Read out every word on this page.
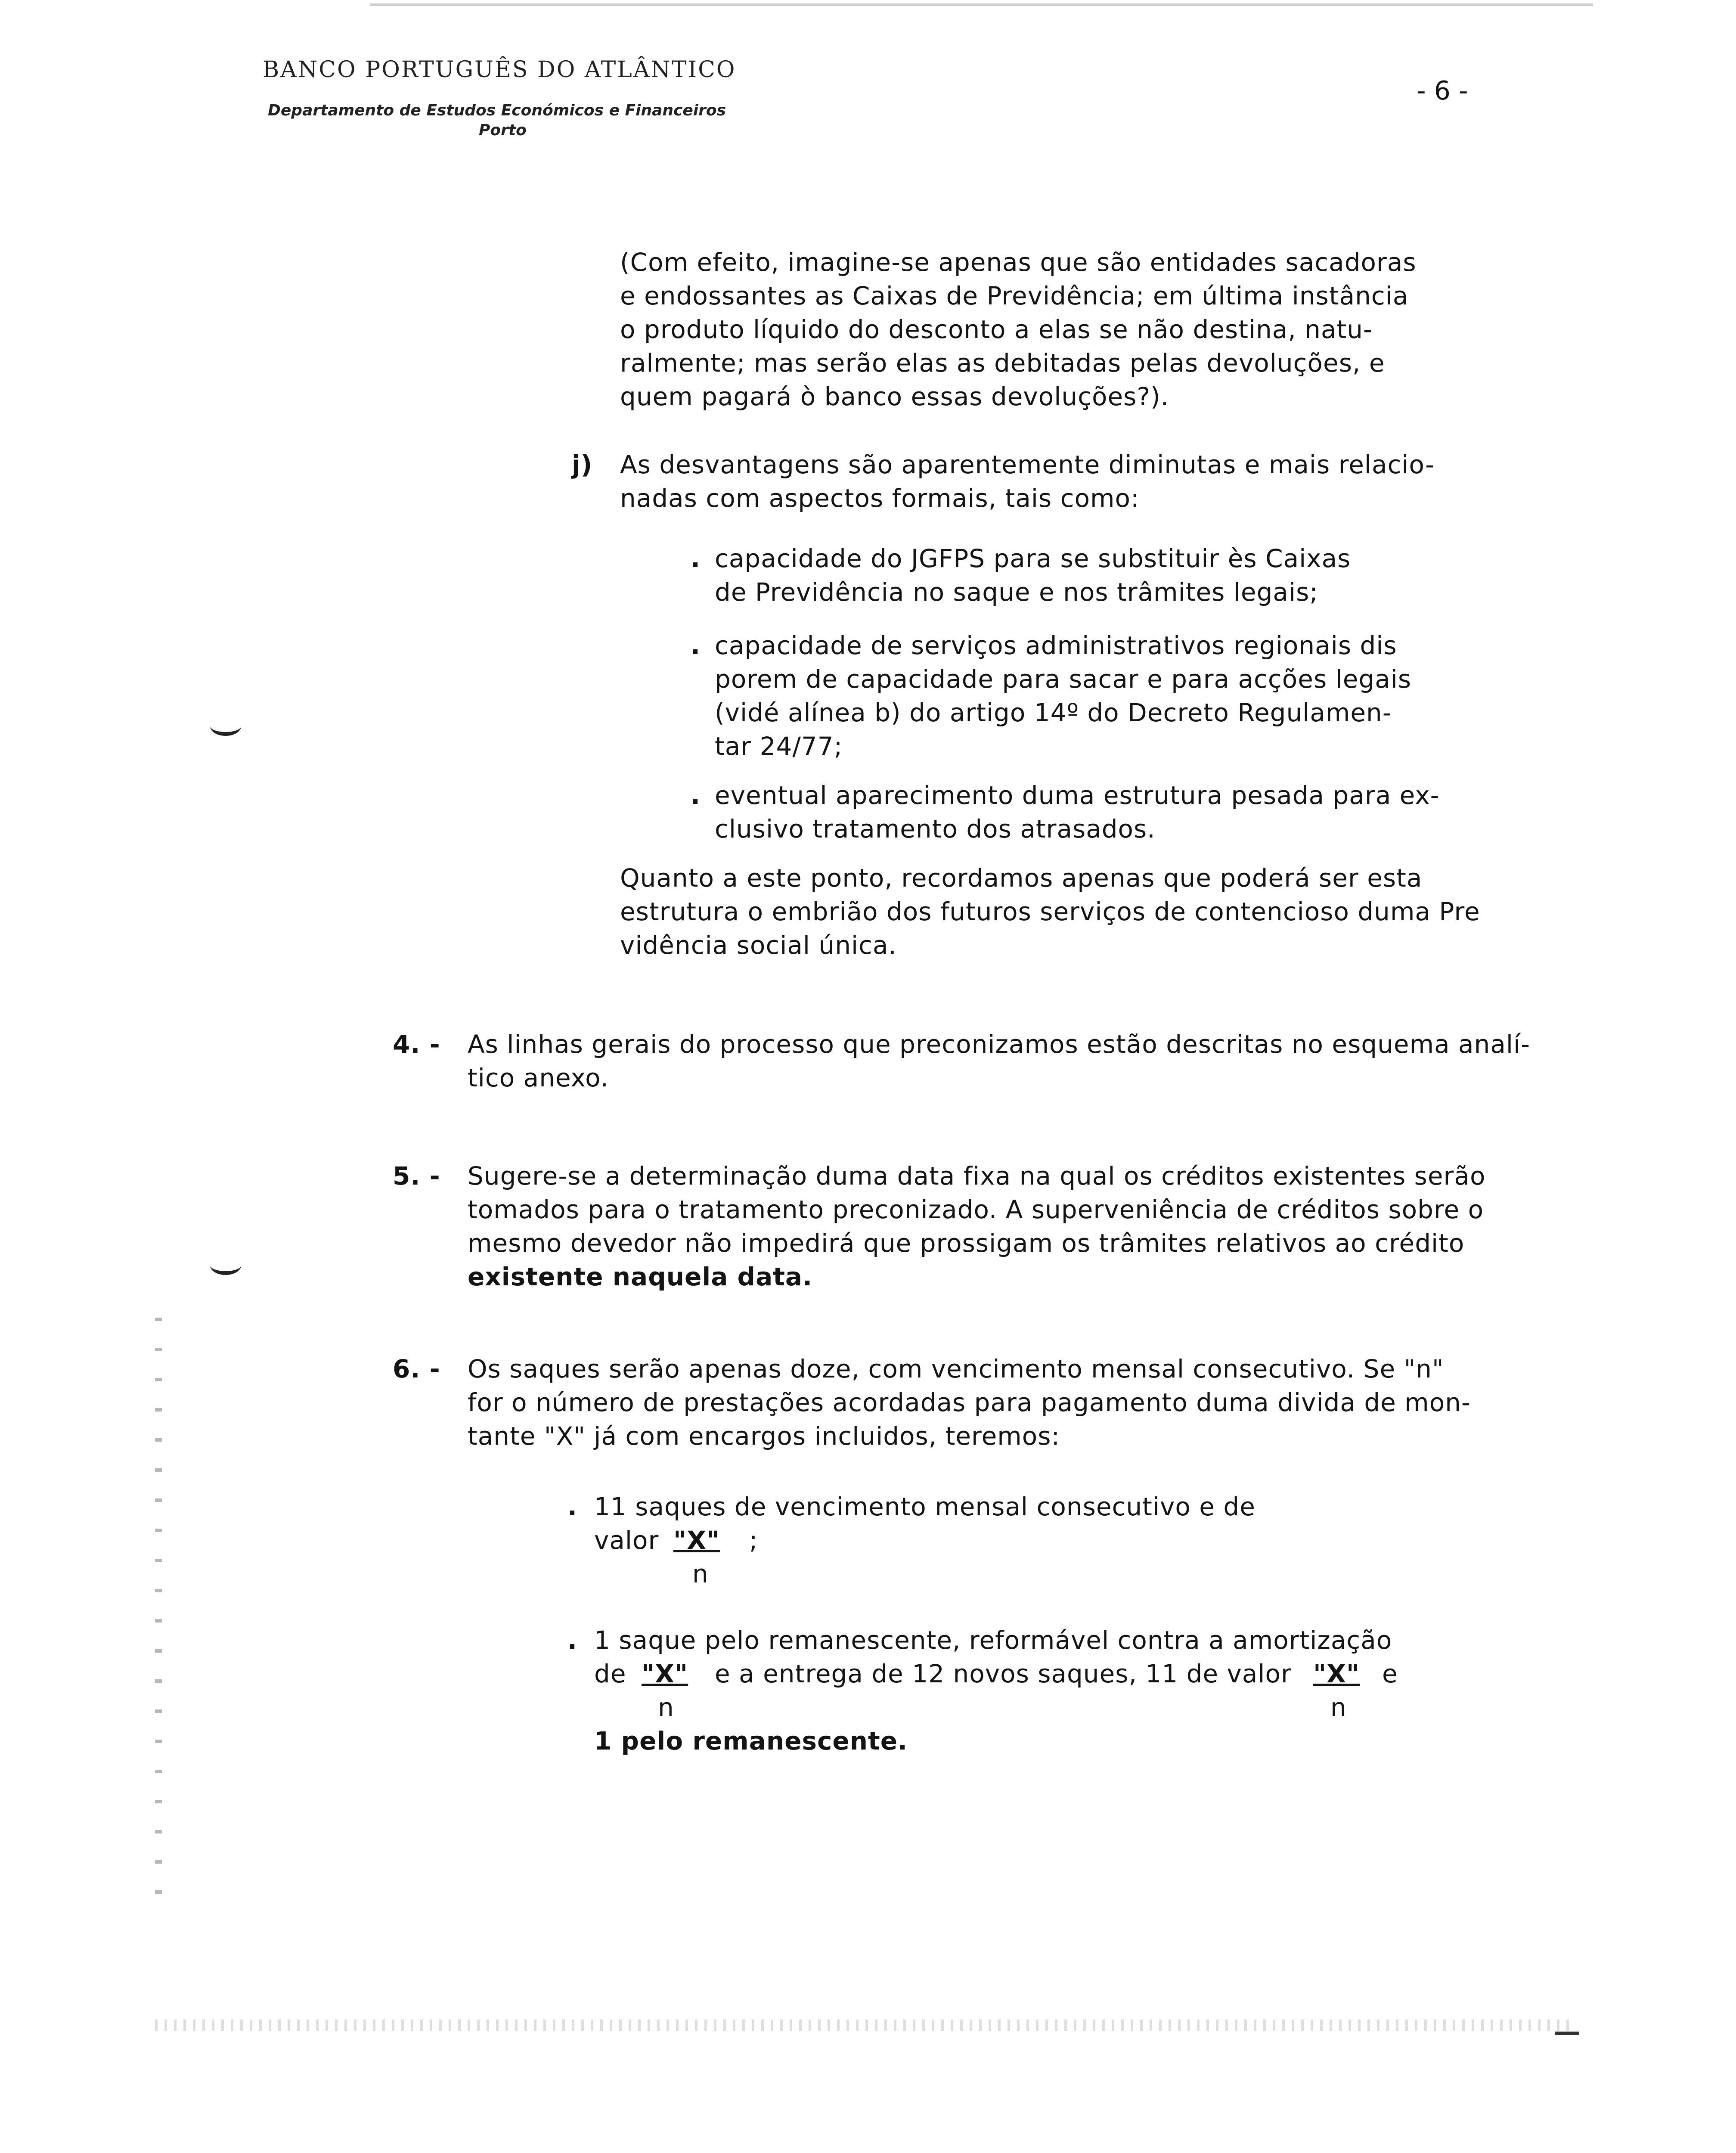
BANCO PORTUGUÊS DO ATLÂNTICO
Departamento de Estudos Económicos e Financeiros
Porto
- 6 -
(Com efeito, imagine-se apenas que são entidades sacadoras
e endossantes as Caixas de Previdência; em última instância
o produto líquido do desconto a elas se não destina, natu-
ralmente; mas serão elas as debitadas pelas devoluções, e
quem pagará ò banco essas devoluções?).
j) As desvantagens são aparentemente diminutas e mais relacio-
nadas com aspectos formais, tais como:
. capacidade do JGFPS para se substituir ès Caixas
de Previdência no saque e nos trâmites legais;
. capacidade de serviços administrativos regionais dis
porem de capacidade para sacar e para acções legais
(vidé alínea b) do artigo 14º do Decreto Regulamen-
tar 24/77;
. eventual aparecimento duma estrutura pesada para ex-
clusivo tratamento dos atrasados.
Quanto a este ponto, recordamos apenas que poderá ser esta
estrutura o embrião dos futuros serviços de contencioso duma Pre
vidência social única.
4. - As linhas gerais do processo que preconizamos estão descritas no esquema analí-
tico anexo.
5. - Sugere-se a determinação duma data fixa na qual os créditos existentes serão
tomados para o tratamento preconizado. A superveniência de créditos sobre o
mesmo devedor não impedirá que prossigam os trâmites relativos ao crédito
existente naquela data.
6. - Os saques serão apenas doze, com vencimento mensal consecutivo. Se "n"
for o número de prestações acordadas para pagamento duma divida de mon-
tante "X" já com encargos incluidos, teremos:
. 11 saques de vencimento mensal consecutivo e de
valor "X"
n
;
. 1 saque pelo remanescente, reformável contra a amortização
de "X"
n
e a entrega de 12 novos saques, 11 de valor "X"
n
e
1 pelo remanescente.
